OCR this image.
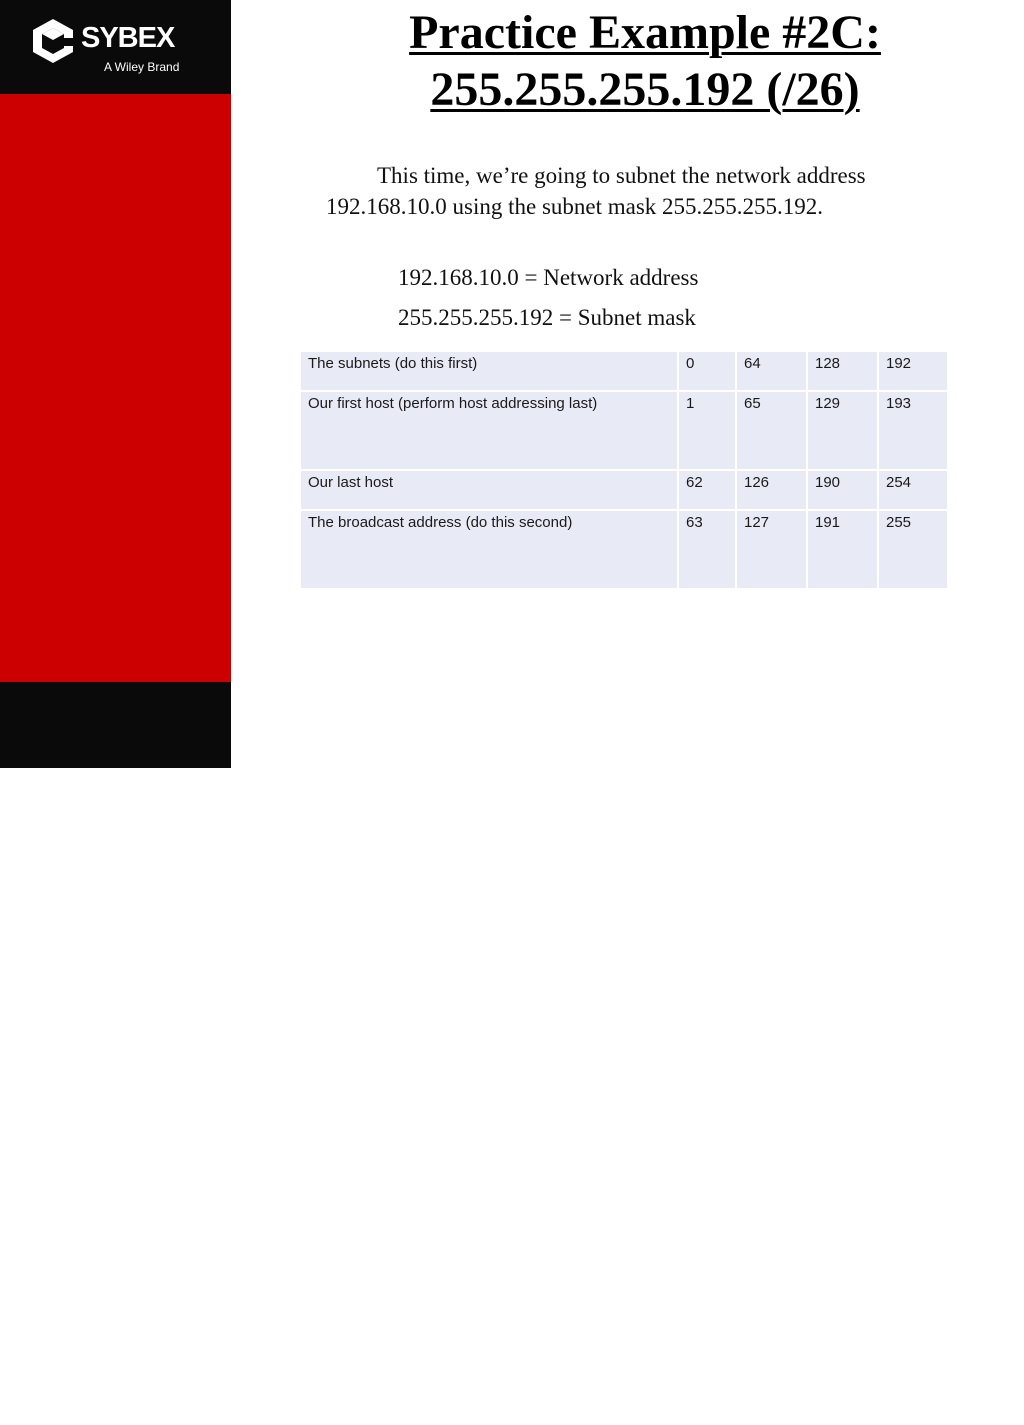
SYBEX
A Wiley Brand
WILEY
Practice Example #2C:
255.255.255.192 (/26)
This time, we’re going to subnet the network address 192.168.10.0 using the subnet mask 255.255.255.192.
192.168.10.0 = Network address
255.255.255.192 = Subnet mask
The subnets (do this first)	0	64	128	192
Our first host (perform host addressing last)	1	65	129	193
Our last host	62	126	190	254
The broadcast address (do this second)	63	127	191	255
